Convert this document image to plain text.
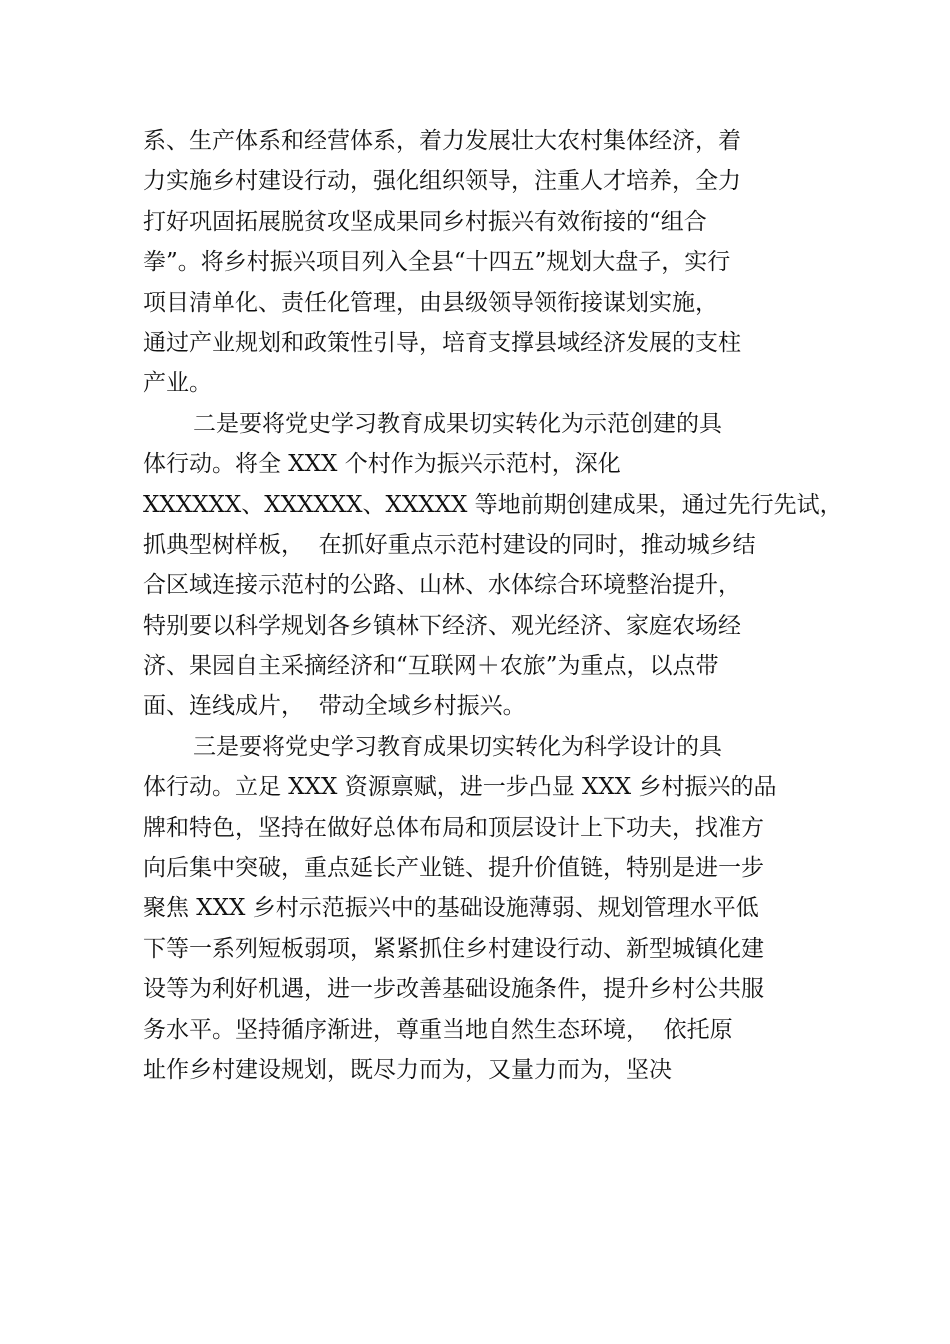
系、生产体系和经营体系，着力发展壮大农村集体经济，着
力实施乡村建设行动，强化组织领导，注重人才培养，全力
打好巩固拓展脱贫攻坚成果同乡村振兴有效衔接的“组合
拳”。将乡村振兴项目列入全县“十四五”规划大盘子，实行
项目清单化、责任化管理，由县级领导领衔接谋划实施，
通过产业规划和政策性引导，培育支撑县域经济发展的支柱
产业。
二是要将党史学习教育成果切实转化为示范创建的具
体行动。将全 XXX 个村作为振兴示范村，深化
XXXXXX、XXXXXX、XXXXX 等地前期创建成果，通过先行先试，
抓典型树样板，  在抓好重点示范村建设的同时，推动城乡结
合区域连接示范村的公路、山林、水体综合环境整治提升，
特别要以科学规划各乡镇林下经济、观光经济、家庭农场经
济、果园自主采摘经济和“互联网＋农旅”为重点，以点带
面、连线成片，  带动全域乡村振兴。
三是要将党史学习教育成果切实转化为科学设计的具
体行动。立足 XXX 资源禀赋，进一步凸显 XXX 乡村振兴的品
牌和特色，坚持在做好总体布局和顶层设计上下功夫，找准方
向后集中突破，重点延长产业链、提升价值链，特别是进一步
聚焦 XXX 乡村示范振兴中的基础设施薄弱、规划管理水平低
下等一系列短板弱项，紧紧抓住乡村建设行动、新型城镇化建
设等为利好机遇，进一步改善基础设施条件，提升乡村公共服
务水平。坚持循序渐进，尊重当地自然生态环境，  依托原
址作乡村建设规划，既尽力而为，又量力而为，坚决
